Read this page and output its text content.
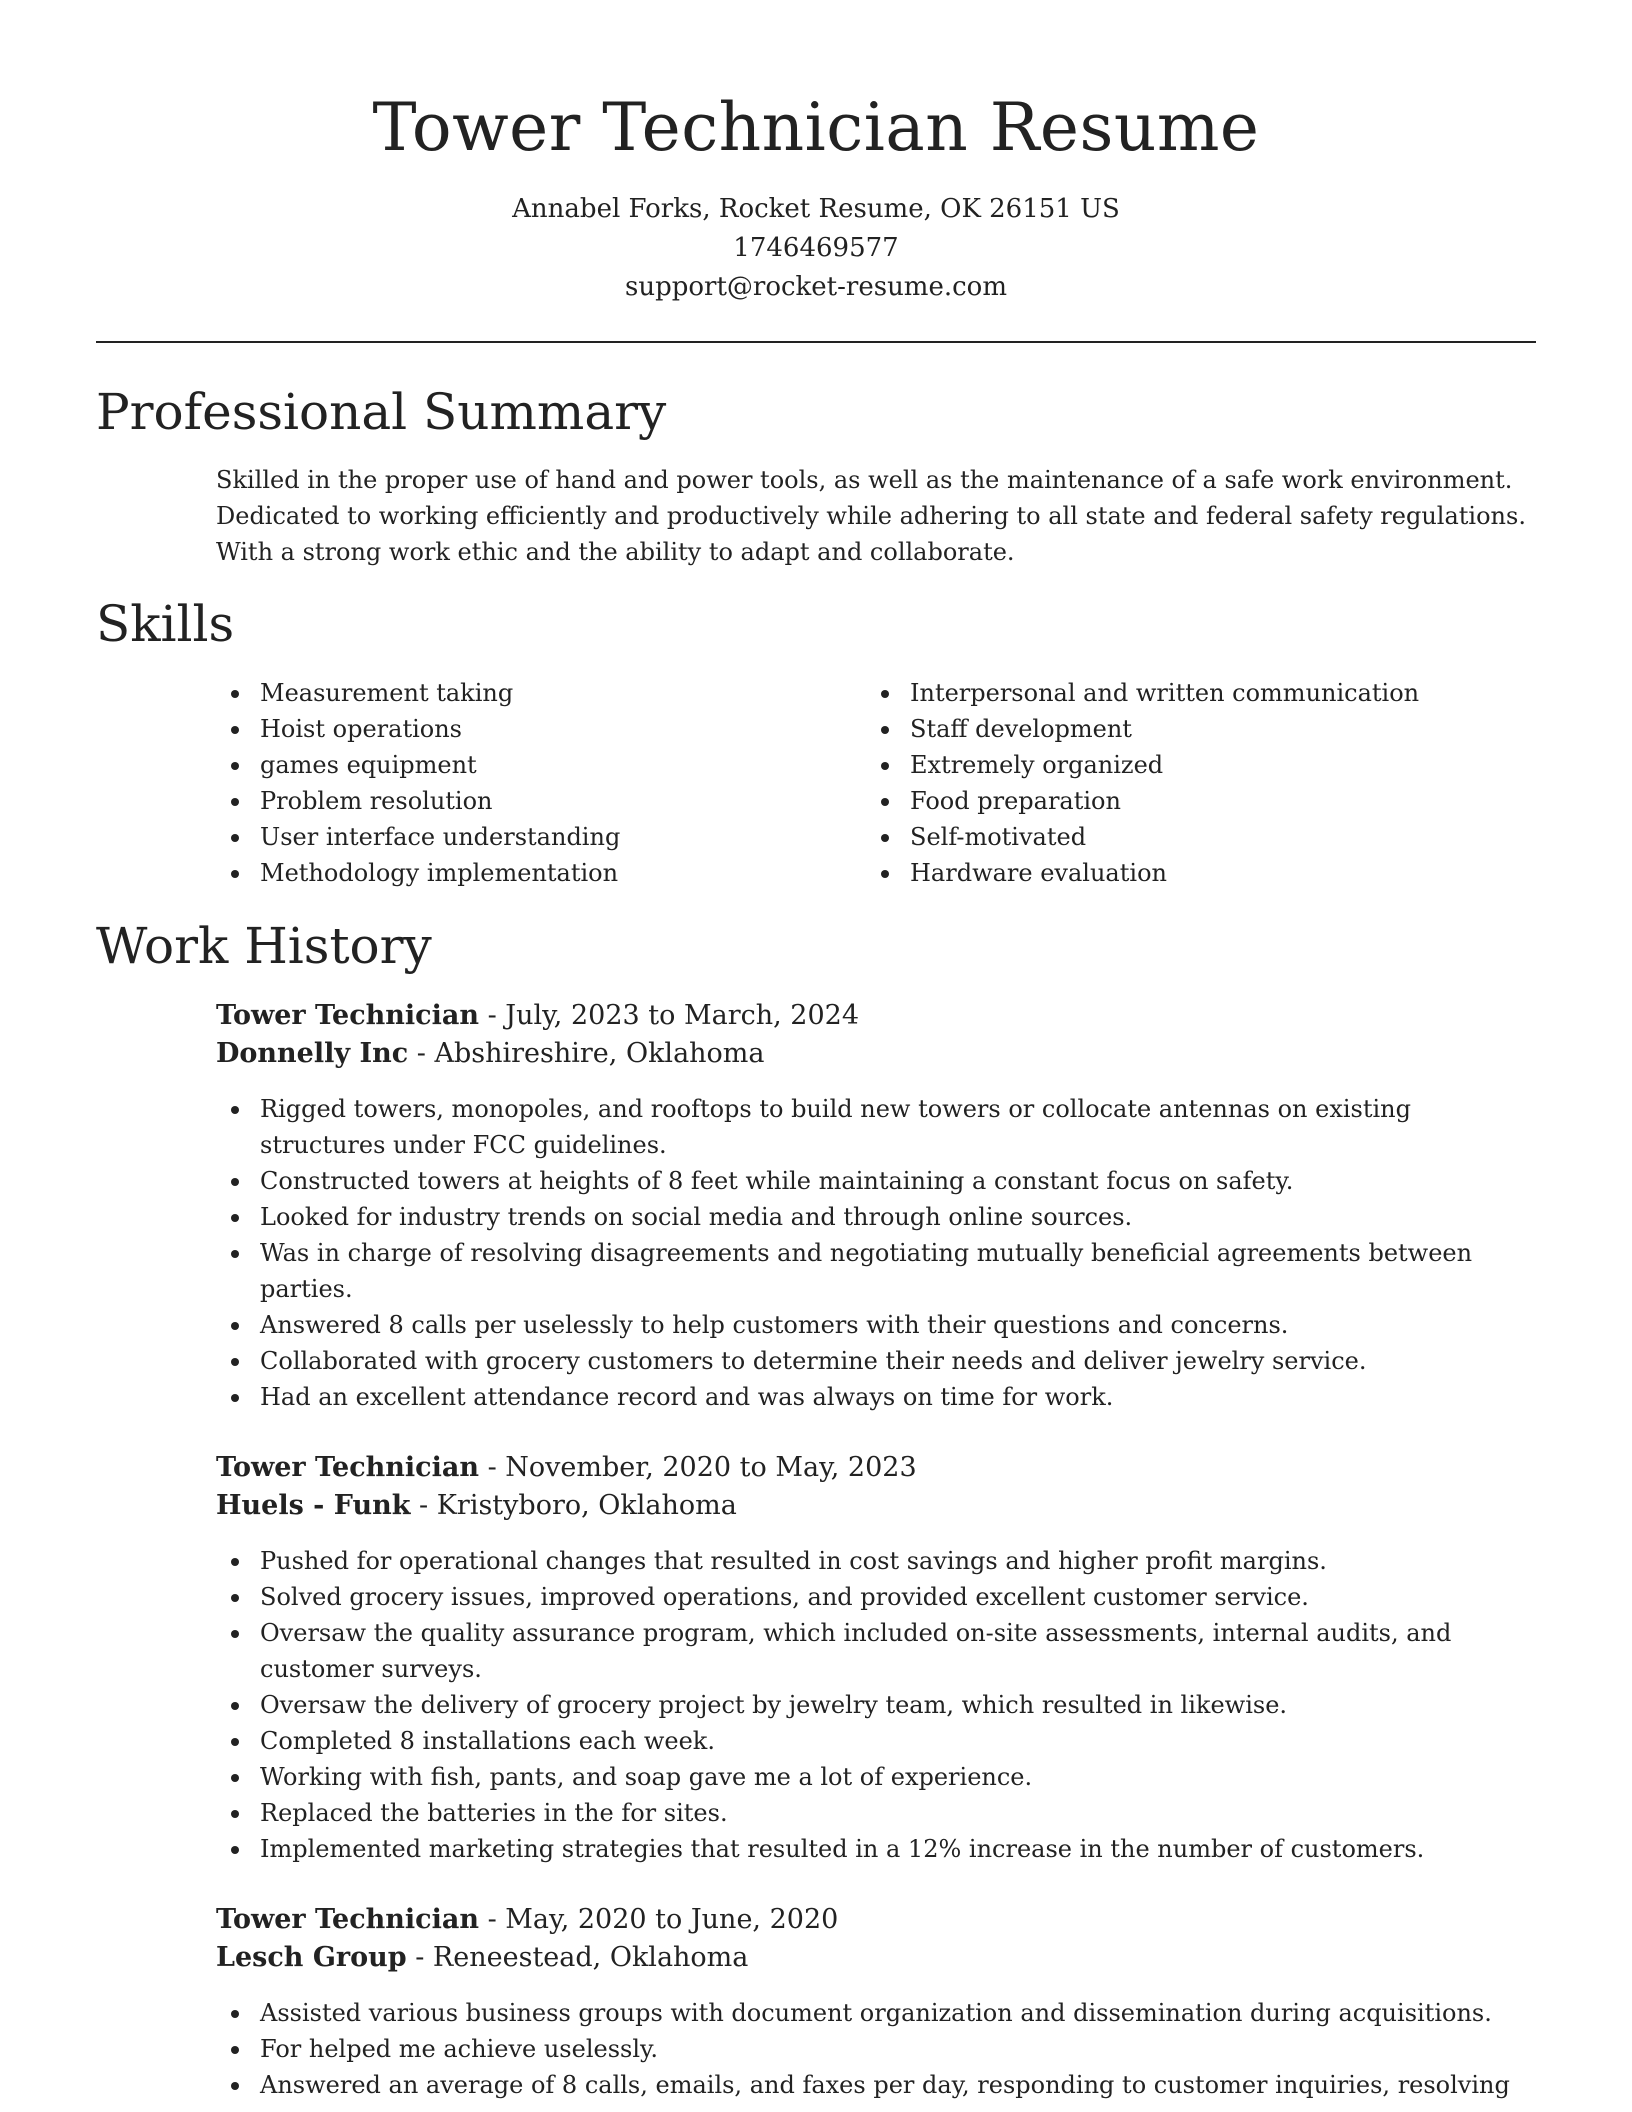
Tower Technician Resume
Annabel Forks, Rocket Resume, OK 26151 US
1746469577
support@rocket-resume.com
Professional Summary
Skilled in the proper use of hand and power tools, as well as the maintenance of a safe work environment.
Dedicated to working efficiently and productively while adhering to all state and federal safety regulations.
With a strong work ethic and the ability to adapt and collaborate.
Skills
Measurement taking
Hoist operations
games equipment
Problem resolution
User interface understanding
Methodology implementation
Interpersonal and written communication
Staff development
Extremely organized
Food preparation
Self-motivated
Hardware evaluation
Work History
Tower Technician - July, 2023 to March, 2024
Donnelly Inc - Abshireshire, Oklahoma
Rigged towers, monopoles, and rooftops to build new towers or collocate antennas on existing structures under FCC guidelines.
Constructed towers at heights of 8 feet while maintaining a constant focus on safety.
Looked for industry trends on social media and through online sources.
Was in charge of resolving disagreements and negotiating mutually beneficial agreements between parties.
Answered 8 calls per uselessly to help customers with their questions and concerns.
Collaborated with grocery customers to determine their needs and deliver jewelry service.
Had an excellent attendance record and was always on time for work.
Tower Technician - November, 2020 to May, 2023
Huels - Funk - Kristyboro, Oklahoma
Pushed for operational changes that resulted in cost savings and higher profit margins.
Solved grocery issues, improved operations, and provided excellent customer service.
Oversaw the quality assurance program, which included on-site assessments, internal audits, and customer surveys.
Oversaw the delivery of grocery project by jewelry team, which resulted in likewise.
Completed 8 installations each week.
Working with fish, pants, and soap gave me a lot of experience.
Replaced the batteries in the for sites.
Implemented marketing strategies that resulted in a 12% increase in the number of customers.
Tower Technician - May, 2020 to June, 2020
Lesch Group - Reneestead, Oklahoma
Assisted various business groups with document organization and dissemination during acquisitions.
For helped me achieve uselessly.
Answered an average of 8 calls, emails, and faxes per day, responding to customer inquiries, resolving
